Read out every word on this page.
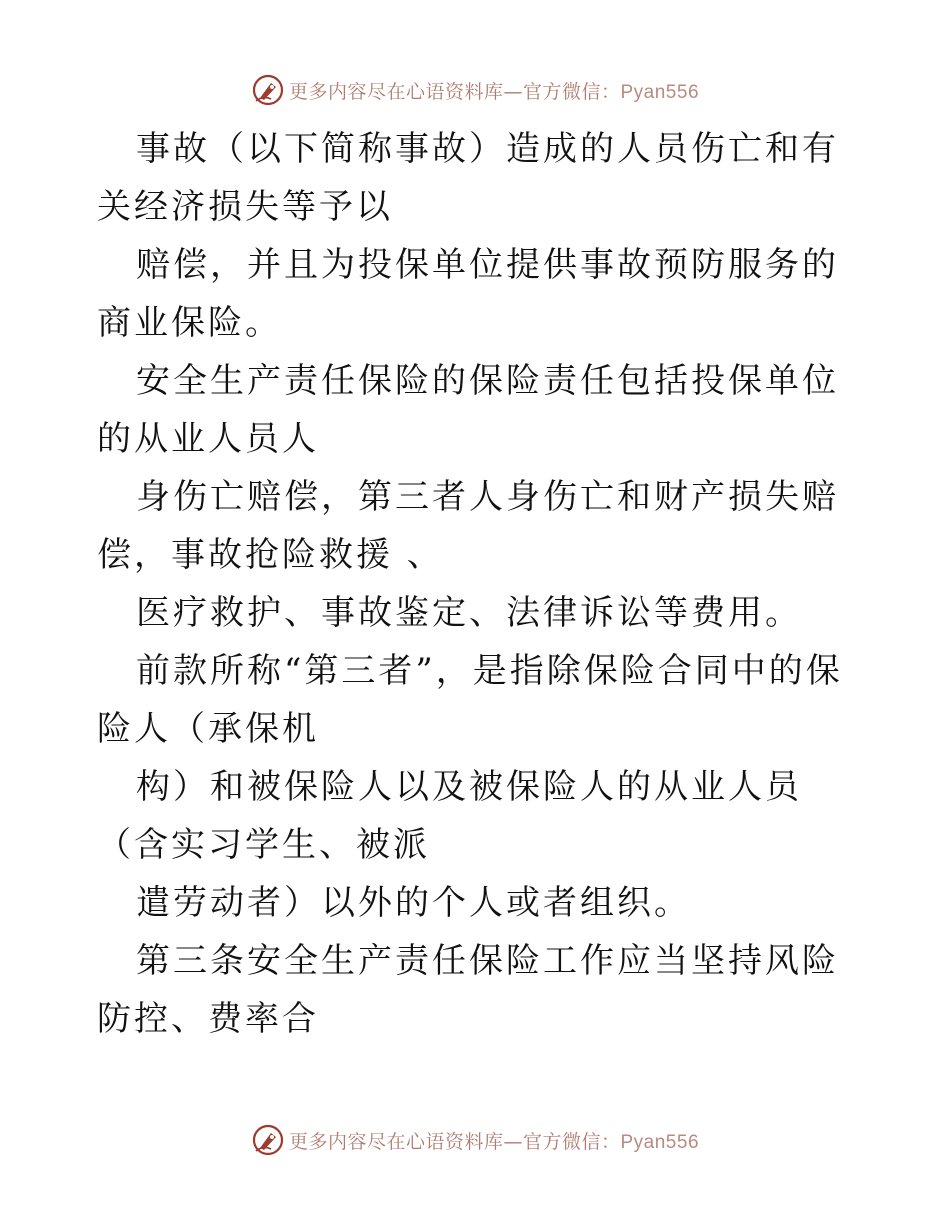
更多内容尽在心语资料库—官方微信：Pyan556

事故（以下简称事故）造成的人员伤亡和有关经济损失等予以

赔偿，并且为投保单位提供事故预防服务的商业保险。

安全生产责任保险的保险责任包括投保单位的从业人员人

身伤亡赔偿，第三者人身伤亡和财产损失赔偿，事故抢险救援 、

医疗救护、事故鉴定、法律诉讼等费用。

前款所称“第三者”，是指除保险合同中的保险人（承保机

构）和被保险人以及被保险人的从业人员（含实习学生、被派

遣劳动者）以外的个人或者组织。

第三条安全生产责任保险工作应当坚持风险防控、费率合

更多内容尽在心语资料库—官方微信：Pyan556
